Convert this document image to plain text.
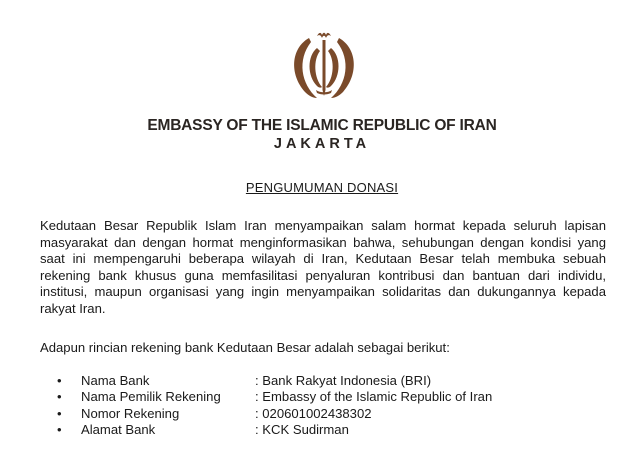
EMBASSY OF THE ISLAMIC REPUBLIC OF IRAN
JAKARTA
PENGUMUMAN DONASI

Kedutaan Besar Republik Islam Iran menyampaikan salam hormat kepada seluruh lapisan masyarakat dan dengan hormat menginformasikan bahwa, sehubungan dengan kondisi yang saat ini mempengaruhi beberapa wilayah di Iran, Kedutaan Besar telah membuka sebuah rekening bank khusus guna memfasilitasi penyaluran kontribusi dan bantuan dari individu, institusi, maupun organisasi yang ingin menyampaikan solidaritas dan dukungannya kepada rakyat Iran.

Adapun rincian rekening bank Kedutaan Besar adalah sebagai berikut:

•	Nama Bank	: Bank Rakyat Indonesia (BRI)
•	Nama Pemilik Rekening	: Embassy of the Islamic Republic of Iran
•	Nomor Rekening	: 020601002438302
•	Alamat Bank	: KCK Sudirman
